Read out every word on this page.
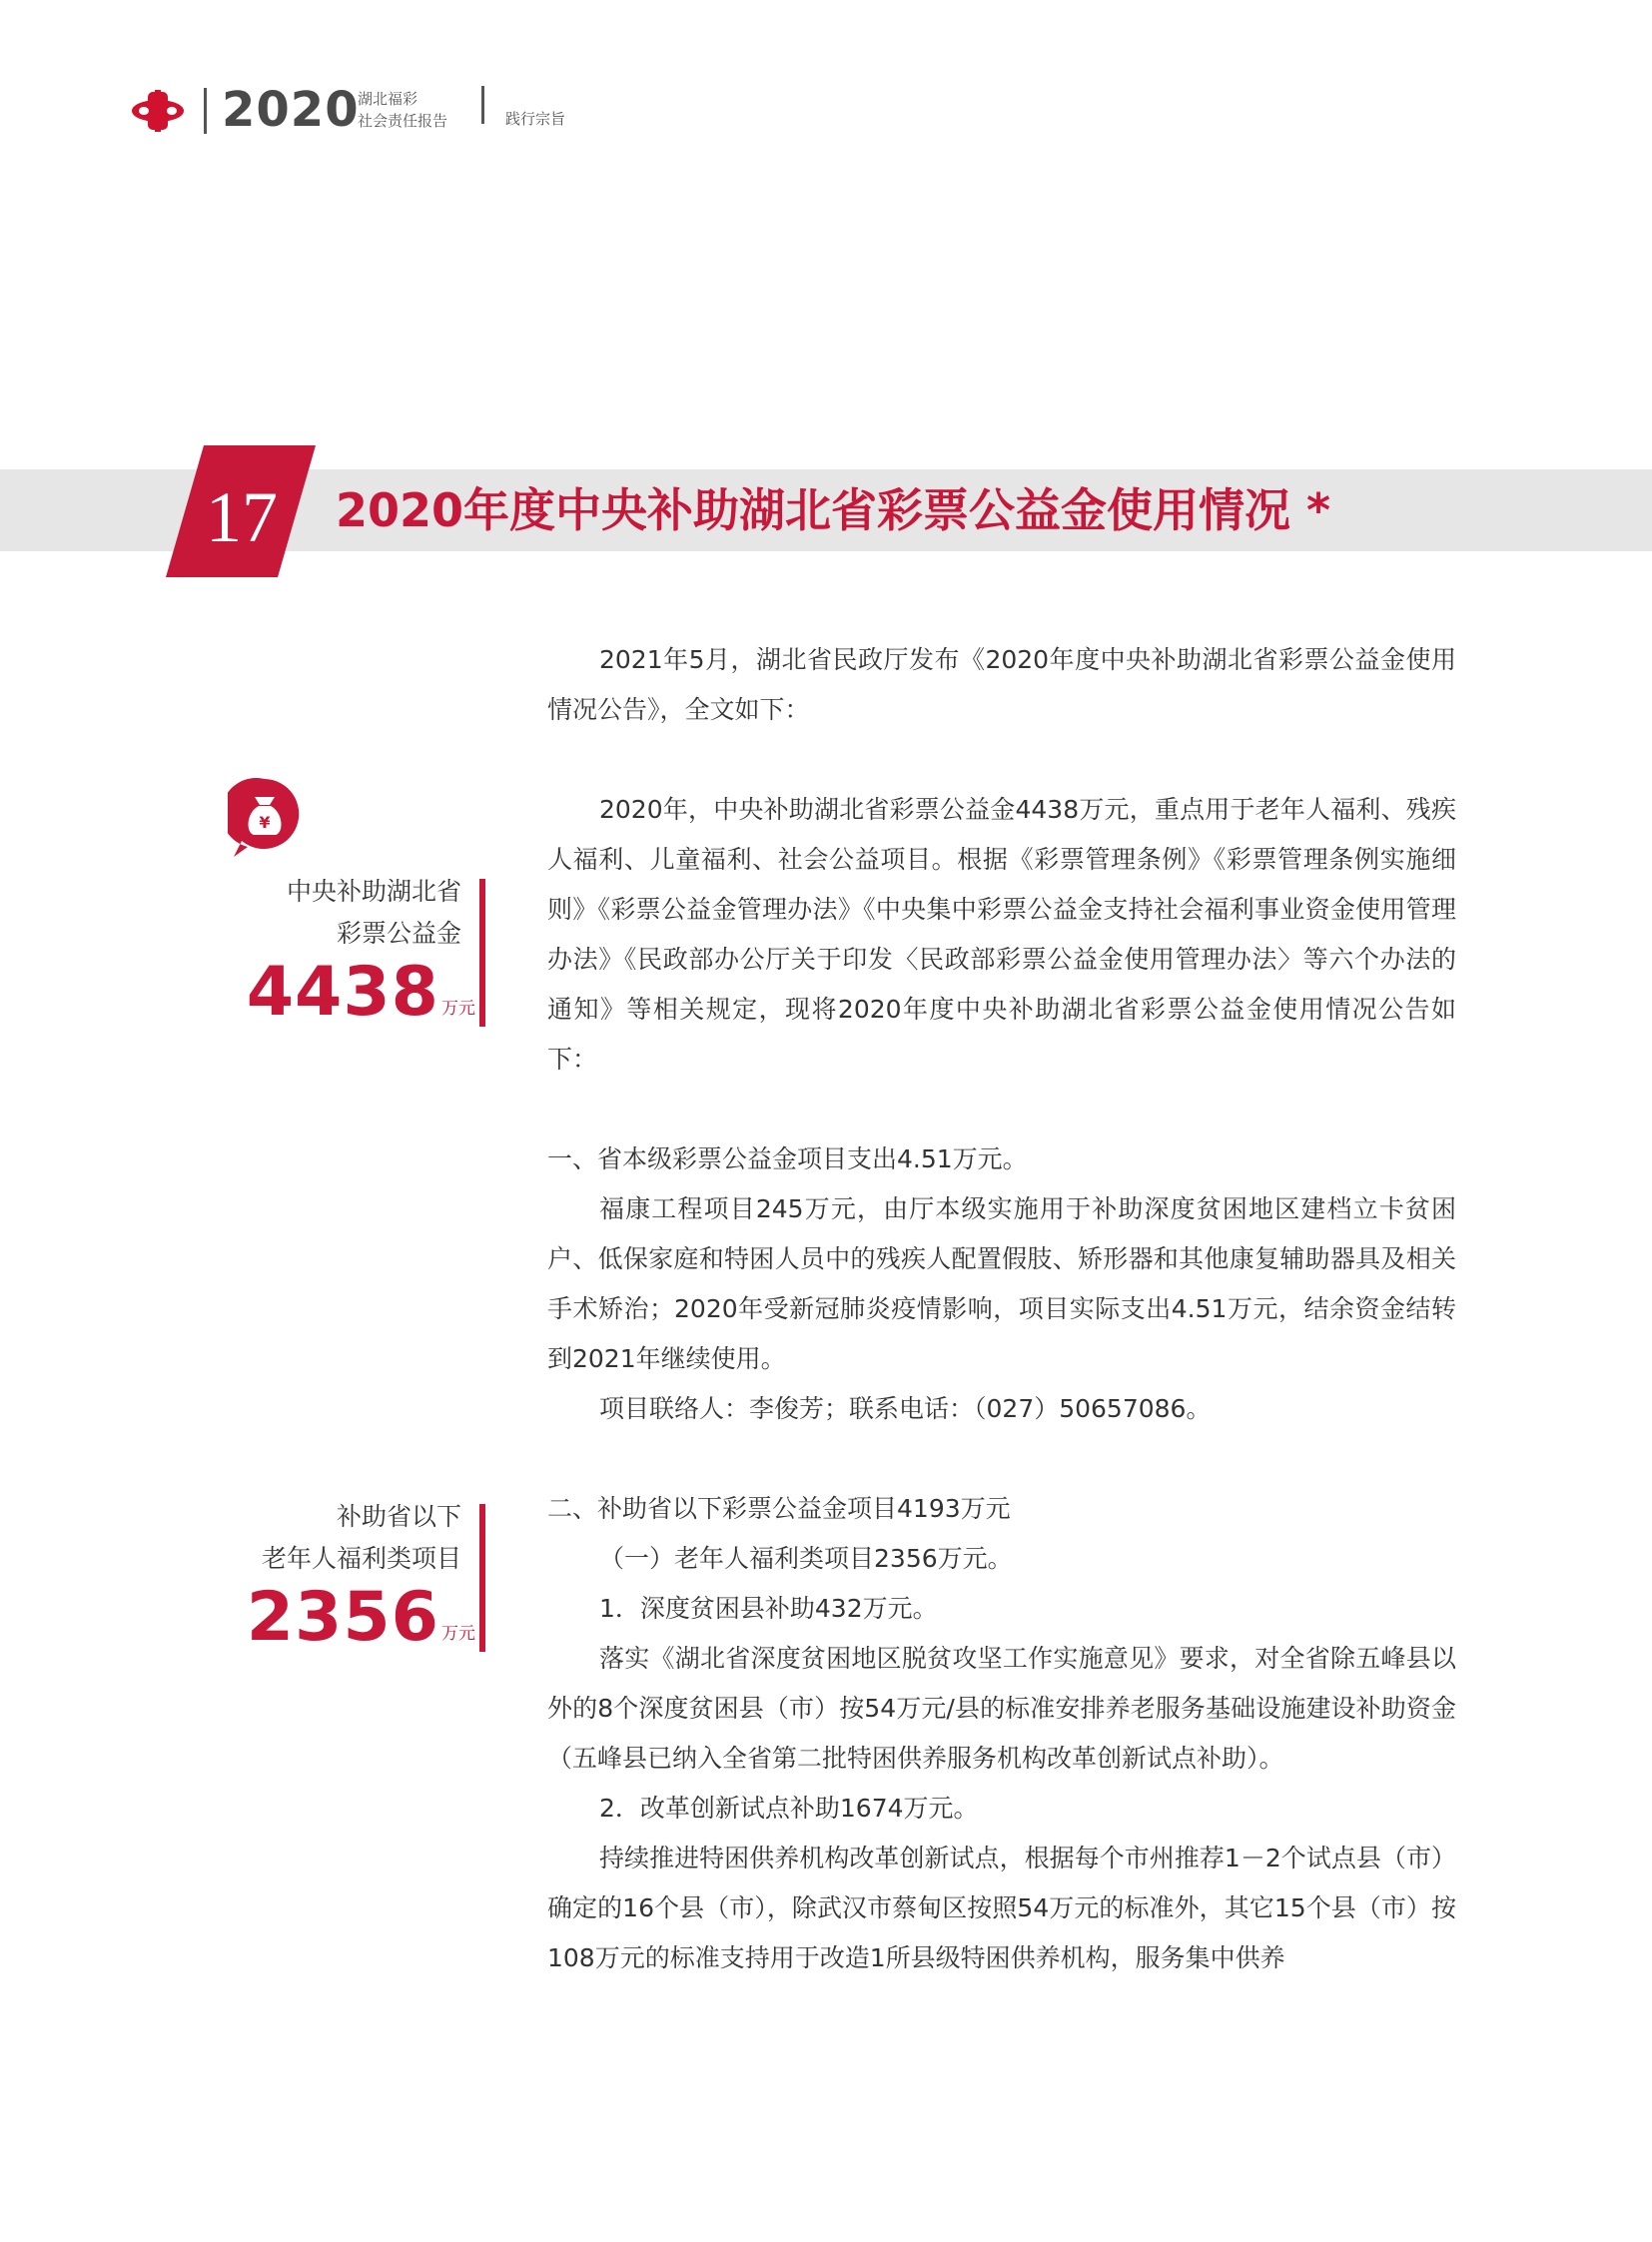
2020
湖北福彩
社会责任报告	践行宗旨
17 2020年度中央补助湖北省彩票公益金使用情况 *
¥
中央补助湖北省
彩票公益金
4438 万元
补助省以下
老年人福利类项目
2356 万元

2021年5月，湖北省民政厅发布《2020年度中央补助湖北省彩票公益金使用情况公告》，全文如下：

2020年，中央补助湖北省彩票公益金4438万元，重点用于老年人福利、残疾人福利、儿童福利、社会公益项目。根据《彩票管理条例》《彩票管理条例实施细则》《彩票公益金管理办法》《中央集中彩票公益金支持社会福利事业资金使用管理办法》《民政部办公厅关于印发〈民政部彩票公益金使用管理办法〉等六个办法的通知》等相关规定，现将2020年度中央补助湖北省彩票公益金使用情况公告如下：

一、省本级彩票公益金项目支出4.51万元。

福康工程项目245万元，由厅本级实施用于补助深度贫困地区建档立卡贫困户、低保家庭和特困人员中的残疾人配置假肢、矫形器和其他康复辅助器具及相关手术矫治；2020年受新冠肺炎疫情影响，项目实际支出4.51万元，结余资金结转到2021年继续使用。

项目联络人：李俊芳；联系电话：（027）50657086。

二、补助省以下彩票公益金项目4193万元

（一）老年人福利类项目2356万元。

1．深度贫困县补助432万元。

落实《湖北省深度贫困地区脱贫攻坚工作实施意见》要求，对全省除五峰县以外的8个深度贫困县（市）按54万元/县的标准安排养老服务基础设施建设补助资金（五峰县已纳入全省第二批特困供养服务机构改革创新试点补助）。

2．改革创新试点补助1674万元。

持续推进特困供养机构改革创新试点，根据每个市州推荐1－2个试点县（市）确定的16个县（市），除武汉市蔡甸区按照54万元的标准外，其它15个县（市）按108万元的标准支持用于改造1所县级特困供养机构，服务集中供养
